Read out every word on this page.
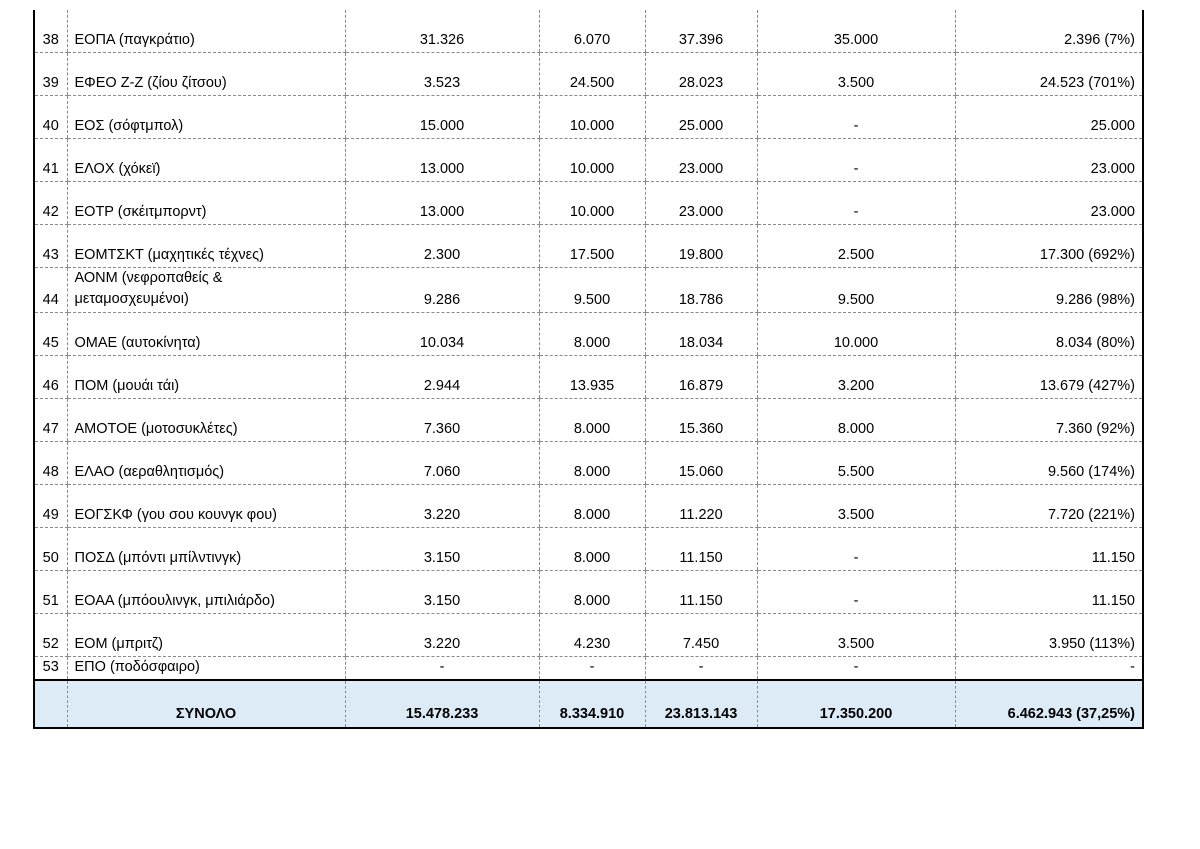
38	ΕΟΠΑ (παγκράτιο)	31.326	6.070	37.396	35.000	2.396 (7%)
39	ΕΦΕΟ Ζ-Ζ (ζίου ζίτσου)	3.523	24.500	28.023	3.500	24.523 (701%)
40	ΕΟΣ (σόφτμπολ)	15.000	10.000	25.000	-	25.000
41	ΕΛΟΧ (χόκεϊ)	13.000	10.000	23.000	-	23.000
42	ΕΟΤΡ (σκέιτμπορντ)	13.000	10.000	23.000	-	23.000
43	ΕΟΜΤΣΚΤ (μαχητικές τέχνες)	2.300	17.500	19.800	2.500	17.300 (692%)
44	ΑΟΝΜ (νεφροπαθείς & μεταμοσχευμένοι)	9.286	9.500	18.786	9.500	9.286 (98%)
45	ΟΜΑΕ (αυτοκίνητα)	10.034	8.000	18.034	10.000	8.034 (80%)
46	ΠΟΜ (μουάι τάι)	2.944	13.935	16.879	3.200	13.679 (427%)
47	ΑΜΟΤΟΕ (μοτοσυκλέτες)	7.360	8.000	15.360	8.000	7.360 (92%)
48	ΕΛΑΟ (αεραθλητισμός)	7.060	8.000	15.060	5.500	9.560 (174%)
49	ΕΟΓΣΚΦ (γου σου κουνγκ φου)	3.220	8.000	11.220	3.500	7.720 (221%)
50	ΠΟΣΔ (μπόντι μπίλντινγκ)	3.150	8.000	11.150	-	11.150
51	ΕΟΑΑ (μπόουλινγκ, μπιλιάρδο)	3.150	8.000	11.150	-	11.150
52	ΕΟΜ (μπριτζ)	3.220	4.230	7.450	3.500	3.950 (113%)
53	ΕΠΟ (ποδόσφαιρο)	-	-	-	-	-
	ΣΥΝΟΛΟ	15.478.233	8.334.910	23.813.143	17.350.200	6.462.943 (37,25%)
